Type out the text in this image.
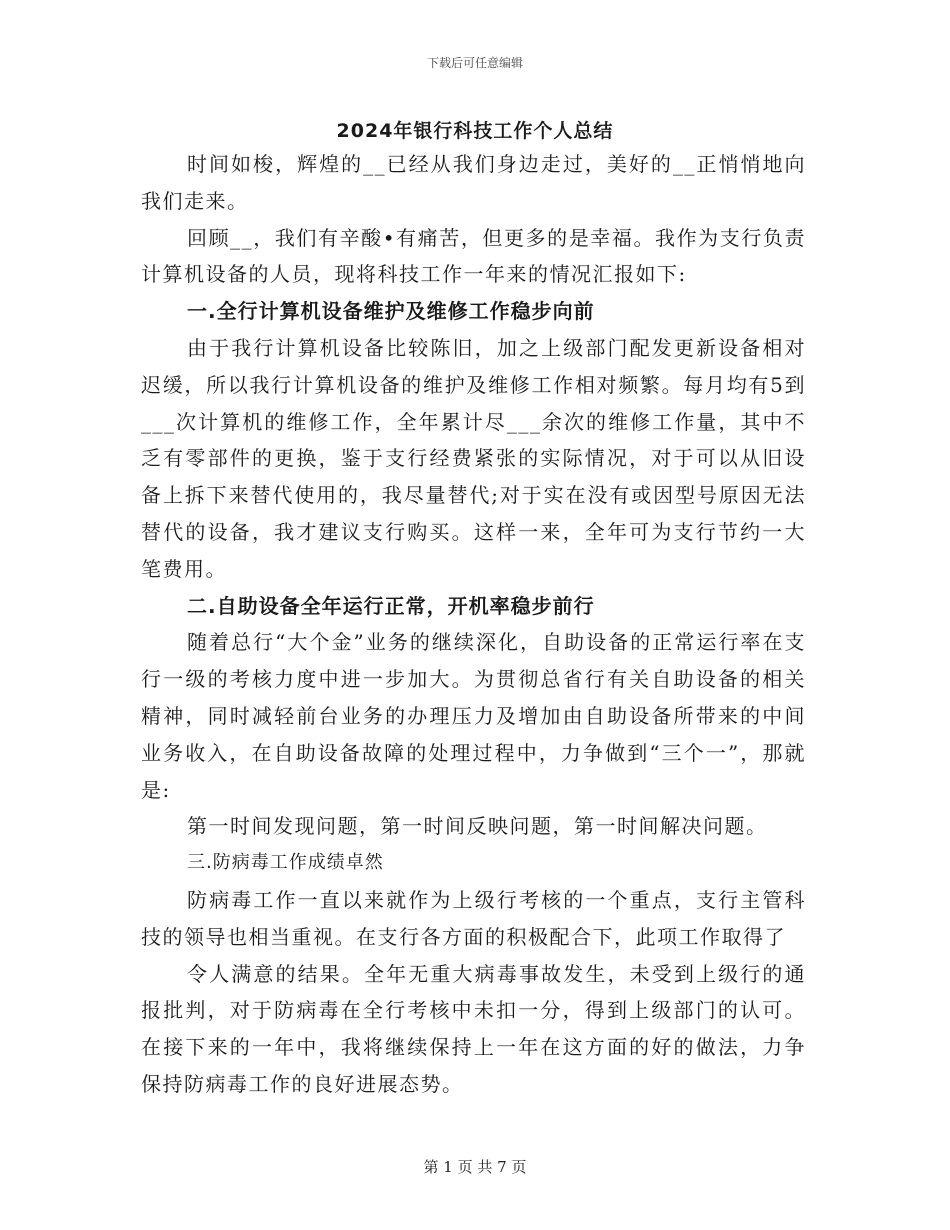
下载后可任意编辑
2024年银行科技工作个人总结

时间如梭，辉煌的__已经从我们身边走过，美好的__正悄悄地向我们走来。

回顾__，我们有辛酸•有痛苦，但更多的是幸福。我作为支行负责计算机设备的人员，现将科技工作一年来的情况汇报如下:

一.全行计算机设备维护及维修工作稳步向前

由于我行计算机设备比较陈旧，加之上级部门配发更新设备相对迟缓，所以我行计算机设备的维护及维修工作相对频繁。每月均有5到___次计算机的维修工作，全年累计尽___余次的维修工作量，其中不乏有零部件的更换，鉴于支行经费紧张的实际情况，对于可以从旧设备上拆下来替代使用的，我尽量替代;对于实在没有或因型号原因无法替代的设备，我才建议支行购买。这样一来，全年可为支行节约一大笔费用。

二.自助设备全年运行正常，开机率稳步前行

随着总行“大个金”业务的继续深化，自助设备的正常运行率在支行一级的考核力度中进一步加大。为贯彻总省行有关自助设备的相关精神，同时减轻前台业务的办理压力及增加由自助设备所带来的中间业务收入，在自助设备故障的处理过程中，力争做到“三个一”，那就是:

第一时间发现问题，第一时间反映问题，第一时间解决问题。

三.防病毒工作成绩卓然

防病毒工作一直以来就作为上级行考核的一个重点，支行主管科技的领导也相当重视。在支行各方面的积极配合下，此项工作取得了

令人满意的结果。全年无重大病毒事故发生，未受到上级行的通报批判，对于防病毒在全行考核中未扣一分，得到上级部门的认可。在接下来的一年中，我将继续保持上一年在这方面的好的做法，力争保持防病毒工作的良好进展态势。

第 1 页 共 7 页
